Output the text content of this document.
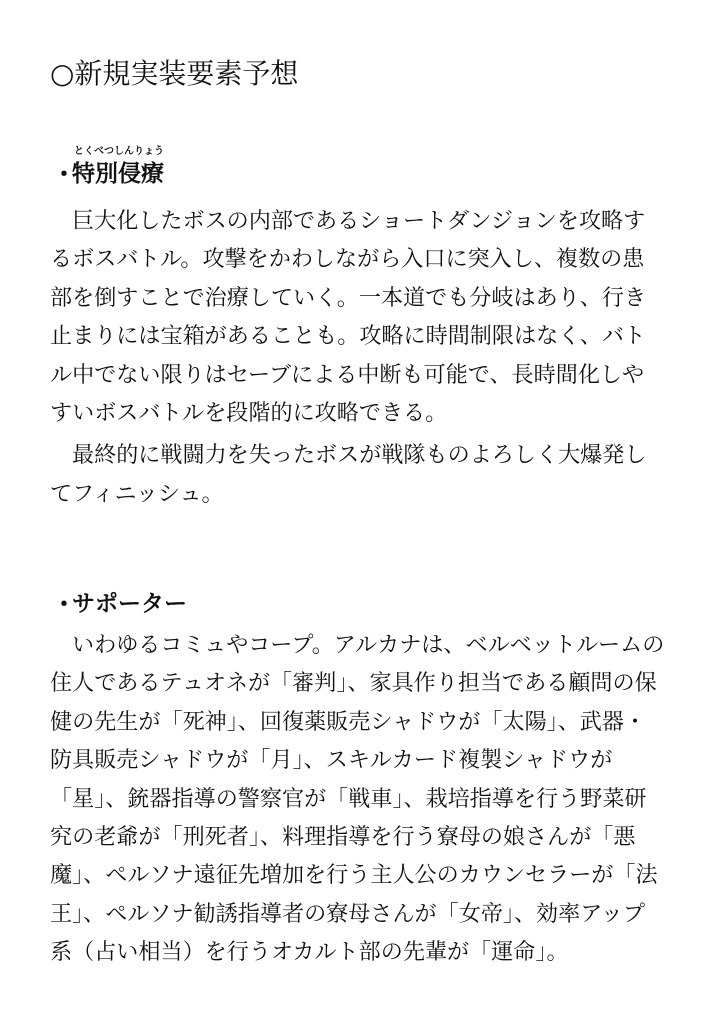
○新規実装要素予想
とくべつしんりょう
・
特別侵療

巨大化したボスの内部であるショートダンジョンを攻略するボスバトル。攻撃をかわしながら入口に突入し、複数の患部を倒すことで治療していく。一本道でも分岐はあり、行き止まりには宝箱があることも。攻略に時間制限はなく、バトル中でない限りはセーブによる中断も可能で、長時間化しやすいボスバトルを段階的に攻略できる。

最終的に戦闘力を失ったボスが戦隊ものよろしく大爆発してフィニッシュ。

・
サポーター

いわゆるコミュやコープ。アルカナは、ベルベットルームの住人であるテュオネが「審判」、家具作り担当である顧問の保健の先生が「死神」、回復薬販売シャドウが「太陽」、武器・防具販売シャドウが「月」、スキルカード複製シャドウが「星」、銃器指導の警察官が「戦車」、栽培指導を行う野菜研究の老爺が「刑死者」、料理指導を行う寮母の娘さんが「悪魔」、ペルソナ遠征先増加を行う主人公のカウンセラーが「法王」、ペルソナ勧誘指導者の寮母さんが「女帝」、効率アップ系（占い相当）を行うオカルト部の先輩が「運命」。
